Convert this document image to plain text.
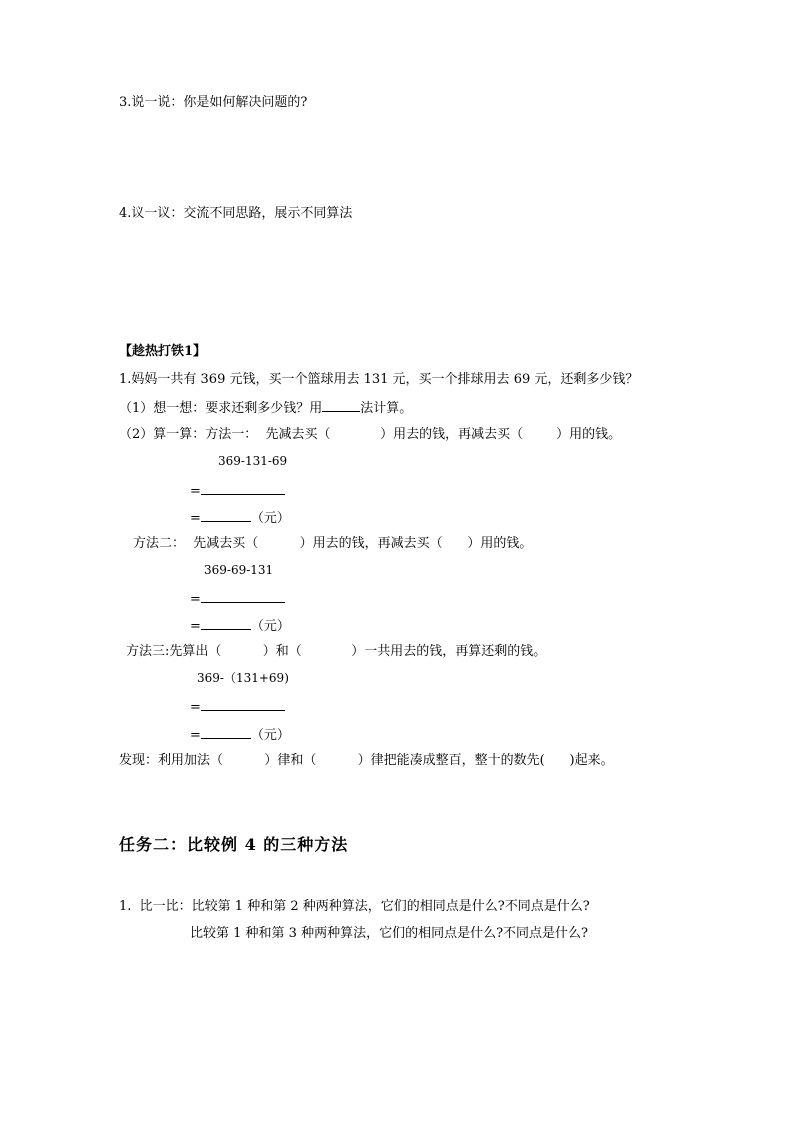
3.说一说：你是如何解决问题的?
4.议一议：交流不同思路，展示不同算法
【趁热打铁1】
1.妈妈一共有 369 元钱，买一个篮球用去 131 元，买一个排球用去 69 元，还剩多少钱？
（1）想一想：要求还剩多少钱？用	法计算。
（2）算一算：方法一：  先减去买（            ）用去的钱，再减去买（        ）用的钱。
369-131-69
=
=	（元）
方法二：  先减去买（          ）用去的钱，再减去买（      ）用的钱。
369-69-131
=
=	（元）
方法三:先算出（          ）和（            ）一共用去的钱，再算还剩的钱。
369-（131+69)
=
=	（元）
发现：利用加法（          ）律和（          ）律把能凑成整百，整十的数先(      )起来。
任务二：比较例 4 的三种方法
1.  比一比：比较第 1 种和第 2 种两种算法，它们的相同点是什么?不同点是什么?
比较第 1 种和第 3 种两种算法，它们的相同点是什么?不同点是什么?
